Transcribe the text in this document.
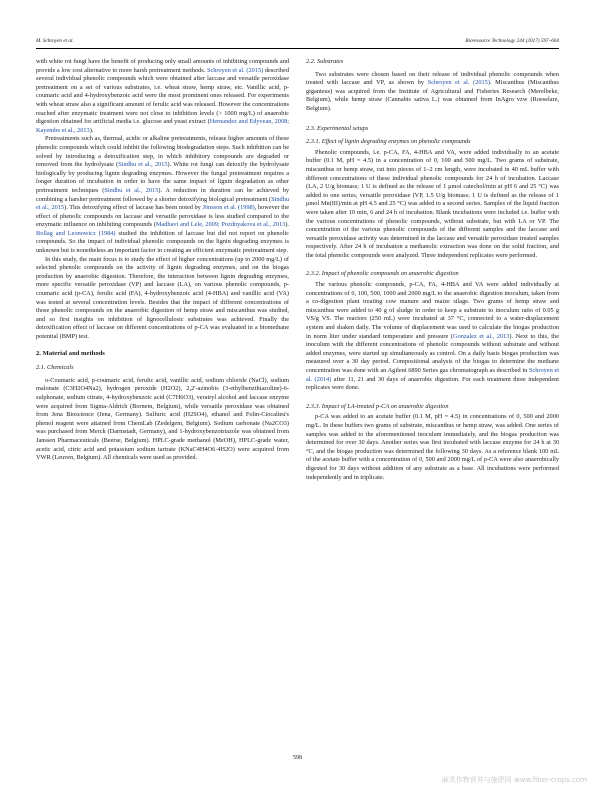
M. Schroyen et al.	Bioresource Technology 244 (2017) 597–604

with white rot fungi have the benefit of producing only small amounts of inhibiting compounds and provide a low cost alternative to more harsh pretreatment methods. Schroyen et al. (2015) described several individual phenolic compounds which were obtained after laccase and versatile peroxidase pretreatment on a set of various substrates, i.e. wheat straw, hemp straw, etc. Vanillic acid, p-coumaric acid and 4-hydroxybenzoic acid were the most prominent ones released. For experiments with wheat straw also a significant amount of ferulic acid was released. However the concentrations reached after enzymatic treatment were not close to inhibition levels (> 1000 mg/L) of anaerobic digestion obtained for artificial media i.e. glucose and yeast extract (Hernandez and Edyvean, 2008; Kayembe et al., 2013).

Pretreatments such as, thermal, acidic or alkaline pretreatments, release higher amounts of these phenolic compounds which could inhibit the following biodegradation steps. Such inhibition can be solved by introducing a detoxification step, in which inhibitory compounds are degraded or removed from the hydrolysate (Sindhu et al., 2015). White rot fungi can detoxify the hydrolysate biologically by producing lignin degrading enzymes. However the fungal pretreatment requires a longer duration of incubation in order to have the same impact of lignin degradation as other pretreatment techniques (Sindhu et al., 2015). A reduction in duration can be achieved by combining a harsher pretreatment followed by a shorter detoxifying biological pretreatment (Sindhu et al., 2015). This detoxifying effect of laccase has been noted by Jönsson et al. (1998), however the effect of phenolic compounds on laccase and versatile peroxidase is less studied compared to the enzymatic influence on inhibiting compounds (Madhavi and Lele, 2009; Pozdnyakova et al., 2013). Bollag and Leonowicz (1984) studied the inhibition of laccase but did not report on phenolic compounds. So the impact of individual phenolic compounds on the lignin degrading enzymes is unknown but is nonetheless an important factor in creating an efficient enzymatic pretreatment step.

In this study, the main focus is to study the effect of higher concentrations (up to 2000 mg/L) of selected phenolic compounds on the activity of lignin degrading enzymes, and on the biogas production by anaerobic digestion. Therefore, the interaction between lignin degrading enzymes, more specific versatile peroxidase (VP) and laccase (LA), on various phenolic compounds, p-coumaric acid (p-CA), ferulic acid (FA), 4-hydroxybenzoic acid (4-HBA) and vanillic acid (VA) was tested at several concentration levels. Besides that the impact of different concentrations of those phenolic compounds on the anaerobic digestion of hemp straw and miscanthus was studied, and so first insights on inhibition of lignocellulosic substrates was achieved. Finally the detoxification effect of laccase on different concentrations of p-CA was evaluated in a biomethane potential (BMP) test.

2. Material and methods
2.1. Chemicals

o-Coumaric acid, p-coumaric acid, ferulic acid, vanillic acid, sodium chloride (NaCl), sodium malonate (C3H2O4Na2), hydrogen peroxide (H2O2), 2,2′-azinobis (3-ethylbenzthiazoline)-6-sulphonate, sodium citrate, 4-hydroxybenzoic acid (C7H6O3), veratryl alcohol and laccase enzyme were acquired from Sigma-Aldrich (Bornem, Belgium), while versatile peroxidase was obtained from Jena Bioscience (Jena, Germany). Sulfuric acid (H2SO4), ethanol and Folin-Ciocalteu's phenol reagent were attained from ChemLab (Zedelgem, Belgium). Sodium carbonate (Na2CO3) was purchased from Merck (Darmstadt, Germany), and 1-hydroxybenzotriazole was obtained from Janssen Pharmaceuticals (Beerse, Belgium). HPLC-grade methanol (MeOH), HPLC-grade water, acetic acid, citric acid and potassium sodium tartrate (KNaC4H4O6·4H2O) were acquired from VWR (Leuven, Belgium). All chemicals were used as provided.

2.2. Substrates

Two substrates were chosen based on their release of individual phenolic compounds when treated with laccase and VP, as shown by Schroyen et al. (2015). Miscanthus (Miscanthus giganteus) was acquired from the Institute of Agricultural and Fisheries Research (Merelbeke, Belgium), while hemp straw (Cannabis sativa L.) was obtained from InAgro vzw (Roeselare, Belgium).

2.3. Experimental setups
2.3.1. Effect of lignin degrading enzymes on phenolic compounds

Phenolic compounds, i.e. p-CA, FA, 4-HBA and VA, were added individually to an acetate buffer (0.1 M, pH = 4.5) in a concentration of 0, 100 and 500 mg/L. Two grams of substrate, miscanthus or hemp straw, cut into pieces of 1–2 cm length, were incubated in 40 mL buffer with different concentrations of these individual phenolic compounds for 24 h of incubation. Laccase (LA, 2 U/g biomass; 1 U is defined as the release of 1 μmol catechol/min at pH 6 and 25 °C) was added to one series, versatile peroxidase (VP, 1.5 U/g biomass; 1 U is defined as the release of 1 μmol Mn(III)/min at pH 4.5 and 25 °C) was added to a second series. Samples of the liquid fraction were taken after 10 min, 6 and 24 h of incubation. Blank incubations were included i.e. buffer with the various concentrations of phenolic compounds, without substrate, but with LA or VP. The concentration of the various phenolic compounds of the different samples and the laccase and versatile peroxidase activity was determined in the laccase and versatile peroxidase treated samples respectively. After 24 h of incubation a methanolic extraction was done on the solid fraction, and the total phenolic compounds were analyzed. Three independent replicates were performed.

2.3.2. Impact of phenolic compounds on anaerobic digestion

The various phenolic compounds, p-CA, FA, 4-HBA and VA were added individually at concentrations of 0, 100, 500, 1000 and 2000 mg/L to the anaerobic digestion inoculum, taken from a co-digestion plant treating cow manure and maize silage. Two grams of hemp straw and miscanthus were added to 40 g of sludge in order to keep a substrate to inoculum ratio of 0.05 g VS/g VS. The reactors (250 mL) were incubated at 37 °C, connected to a water-displacement system and shaken daily. The volume of displacement was used to calculate the biogas production in norm liter under standard temperature and pressure (Gonzalez et al., 2013). Next to this, the inoculum with the different concentrations of phenolic compounds without substrate and without added enzymes, were started up simultaneously as control. On a daily basis biogas production was measured over a 30 day period. Compositional analysis of the biogas to determine the methane concentration was done with an Agilent 6890 Series gas chromatograph as described in Schroyen et al. (2014) after 11, 21 and 30 days of anaerobic digestion. For each treatment three independent replicates were done.

2.3.3. Impact of LA-treated p-CA on anaerobic digestion

p-CA was added to an acetate buffer (0.1 M, pH = 4.5) in concentrations of 0, 500 and 2000 mg/L. In these buffers two grams of substrate, miscanthus or hemp straw, was added. One series of samples was added to the aforementioned inoculum immediately, and the biogas production was determined for over 30 days. Another series was first incubated with laccase enzyme for 24 h at 30 °C, and the biogas production was determined the following 30 days. As a reference blank 100 mL of the acetate buffer with a concentration of 0, 500 and 2000 mg/L of p-CA were also anaerobically digested for 30 days without addition of any substrate as a base. All incubations were performed independently and in triplicate.

598
麻类作物营养与施肥网 www.fiber-crops.com
